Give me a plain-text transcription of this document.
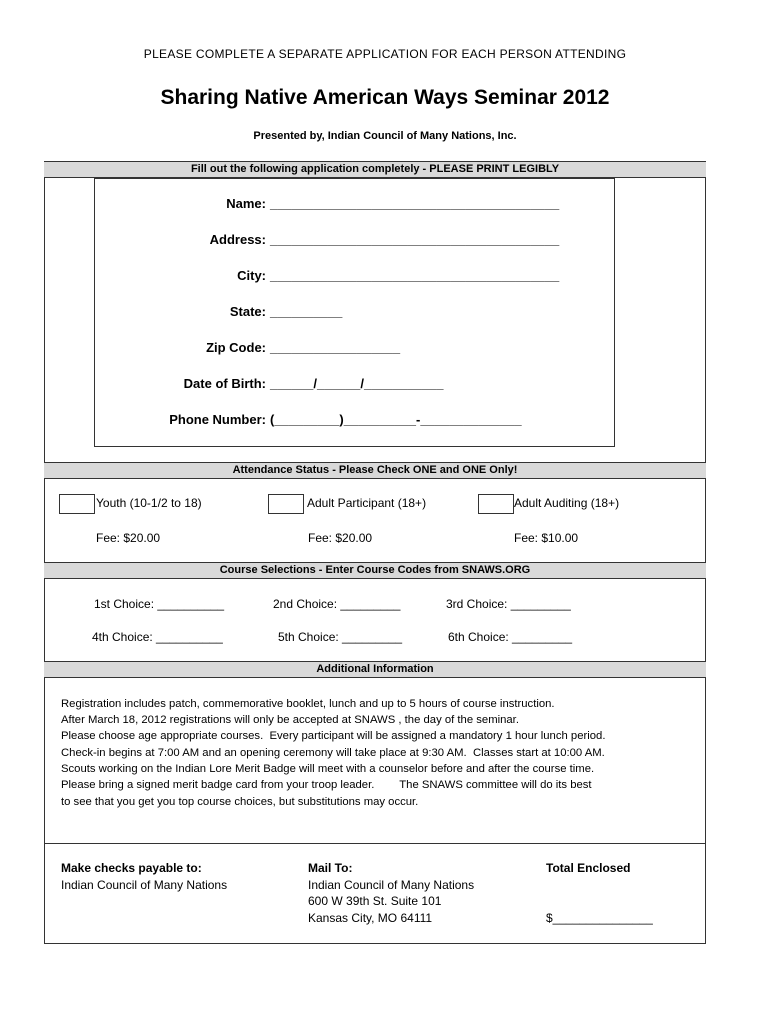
PLEASE COMPLETE A SEPARATE APPLICATION FOR EACH PERSON ATTENDING
Sharing Native American Ways Seminar 2012
Presented by, Indian Council of Many Nations, Inc.
Fill out the following application completely - PLEASE PRINT LEGIBLY
Name: ________________________________________
Address: ________________________________________
City: ________________________________________
State: __________
Zip Code: __________________
Date of Birth: ______/______/___________
Phone Number: (_________)__________-______________
Attendance Status - Please Check ONE and ONE Only!
Youth (10-1/2 to 18)
Fee: $20.00
Adult Participant (18+)
Fee: $20.00
Adult Auditing (18+)
Fee: $10.00
Course Selections - Enter Course Codes from SNAWS.ORG
1st Choice: __________	2nd Choice: _________	3rd Choice: _________
4th Choice: __________	5th Choice: _________	6th Choice: _________
Additional Information
Registration includes patch, commemorative booklet, lunch and up to 5 hours of course instruction.
After March 18, 2012 registrations will only be accepted at SNAWS , the day of the seminar.
Please choose age appropriate courses.  Every participant will be assigned a mandatory 1 hour lunch period.
Check-in begins at 7:00 AM and an opening ceremony will take place at 9:30 AM.  Classes start at 10:00 AM.
Scouts working on the Indian Lore Merit Badge will meet with a counselor before and after the course time.
Please bring a signed merit badge card from your troop leader.        The SNAWS committee will do its best
to see that you get you top course choices, but substitutions may occur.
Make checks payable to:
Indian Council of Many Nations
Mail To:
Indian Council of Many Nations
600 W 39th St. Suite 101
Kansas City, MO 64111
Total Enclosed
$_______________
